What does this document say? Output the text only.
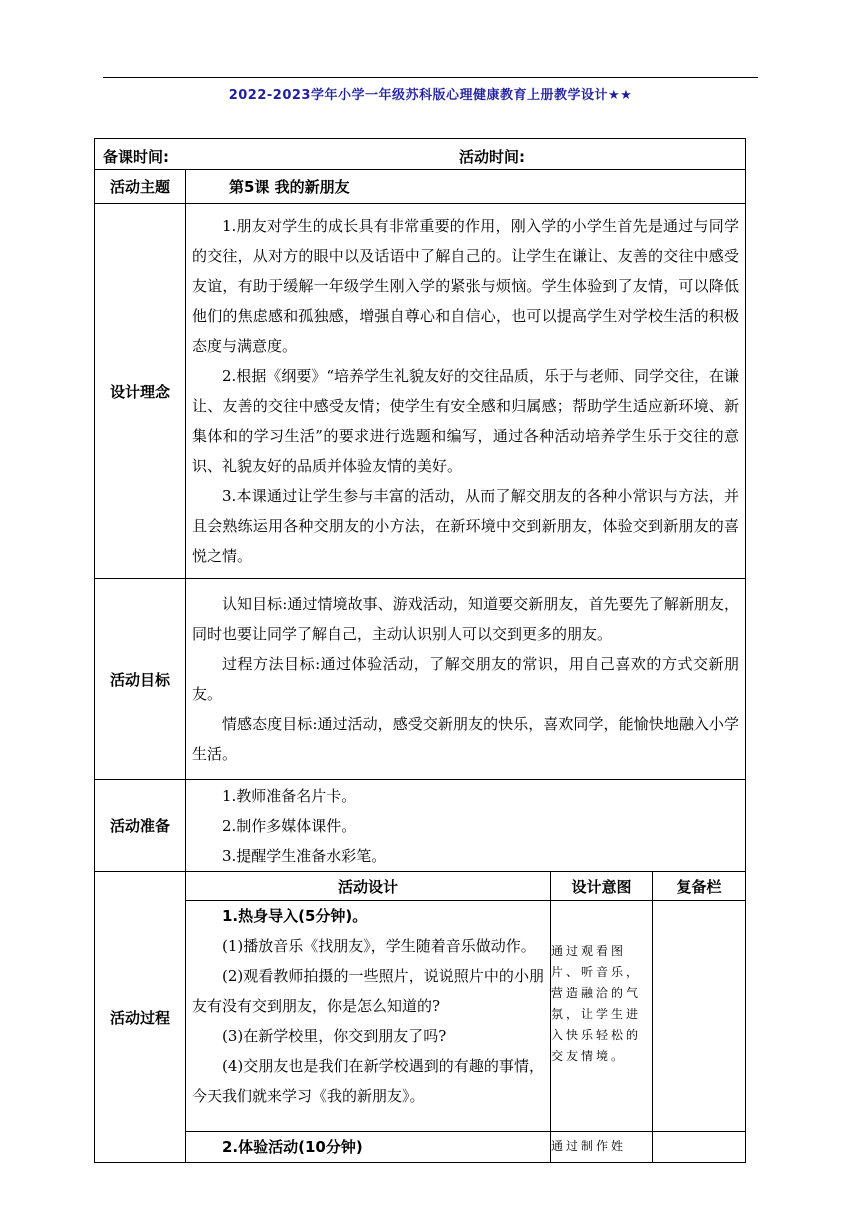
2022-2023学年小学一年级苏科版心理健康教育上册教学设计★★
备课时间: 活动时间:			

活动主题	第5课 我的新朋友		
设计理念	1.朋友对学生的成长具有非常重要的作用，刚入学的小学生首先是通过与同学的交往，从对方的眼中以及话语中了解自己的。让学生在谦让、友善的交往中感受友谊，有助于缓解一年级学生刚入学的紧张与烦恼。学生体验到了友情，可以降低他们的焦虑感和孤独感，增强自尊心和自信心，也可以提高学生对学校生活的积极态度与满意度。

2.根据《纲要》“培养学生礼貌友好的交往品质，乐于与老师、同学交往，在谦让、友善的交往中感受友情；使学生有安全感和归属感；帮助学生适应新环境、新集体和的学习生活”的要求进行选题和编写，通过各种活动培养学生乐于交往的意识、礼貌友好的品质并体验友情的美好。

3.本课通过让学生参与丰富的活动，从而了解交朋友的各种小常识与方法，并且会熟练运用各种交朋友的小方法，在新环境中交到新朋友，体验交到新朋友的喜悦之情。		

活动目标	认知目标:通过情境故事、游戏活动，知道要交新朋友，首先要先了解新朋友，同时也要让同学了解自己，主动认识别人可以交到更多的朋友。

过程方法目标:通过体验活动，了解交朋友的常识，用自己喜欢的方式交新朋友。

情感态度目标:通过活动，感受交新朋友的快乐，喜欢同学，能愉快地融入小学生活。		

活动准备	1.教师准备名片卡。

2.制作多媒体课件。

3.提醒学生准备水彩笔。		

活动过程	活动设计	设计意图	复备栏

	1.热身导入(5分钟)。

(1)播放音乐《找朋友》，学生随着音乐做动作。

(2)观看教师拍摄的一些照片，说说照片中的小朋友有没有交到朋友，你是怎么知道的?

(3)在新学校里，你交到朋友了吗?

(4)交朋友也是我们在新学校遇到的有趣的事情，今天我们就来学习《我的新朋友》。	通过观看图片、听音乐，营造融洽的气氛，让学生进入快乐轻松的交友情境。	

	2.体验活动(10分钟)	通过制作姓	
